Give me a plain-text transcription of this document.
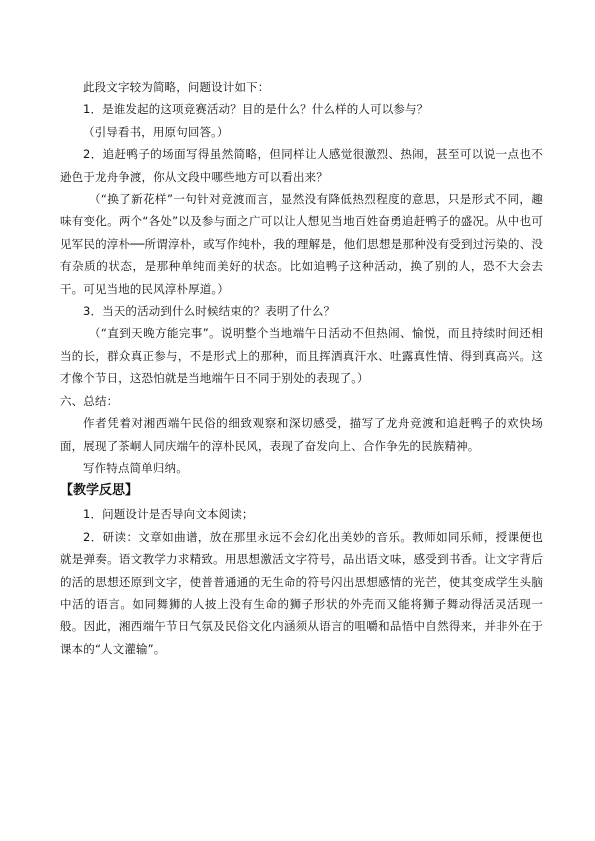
此段文字较为简略，问题设计如下：

1．是谁发起的这项竞赛活动？目的是什么？什么样的人可以参与？

（引导看书，用原句回答。）

2．追赶鸭子的场面写得虽然简略，但同样让人感觉很激烈、热闹，甚至可以说一点也不逊色于龙舟争渡，你从文段中哪些地方可以看出来？

（“换了新花样”一句针对竞渡而言，显然没有降低热烈程度的意思，只是形式不同，趣味有变化。两个“各处”以及参与面之广可以让人想见当地百姓奋勇追赶鸭子的盛况。从中也可见军民的淳朴──所谓淳朴，或写作纯朴，我的理解是，他们思想是那种没有受到过污染的、没有杂质的状态，是那种单纯而美好的状态。比如追鸭子这种活动，换了别的人，恐不大会去干。可见当地的民风淳朴厚道。）

3．当天的活动到什么时候结束的？表明了什么？

（“直到天晚方能完事”。说明整个当地端午日活动不但热闹、愉悦，而且持续时间还相当的长，群众真正参与，不是形式上的那种，而且挥洒真汗水、吐露真性情、得到真高兴。这才像个节日，这恐怕就是当地端午日不同于别处的表现了。）

六、总结：

作者凭着对湘西端午民俗的细致观察和深切感受，描写了龙舟竞渡和追赶鸭子的欢快场面，展现了茶峒人同庆端午的淳朴民风，表现了奋发向上、合作争先的民族精神。

写作特点简单归纳。

【教学反思】

1．问题设计是否导向文本阅读；

2．研读：文章如曲谱，放在那里永远不会幻化出美妙的音乐。教师如同乐师，授课便也就是弹奏。语文教学力求精致。用思想激活文字符号，品出语文味，感受到书香。让文字背后的活的思想还原到文字，使普普通通的无生命的符号闪出思想感情的光芒，使其变成学生头脑中活的语言。如同舞狮的人披上没有生命的狮子形状的外壳而又能将狮子舞动得活灵活现一般。因此，湘西端午节日气氛及民俗文化内涵须从语言的咀嚼和品悟中自然得来，并非外在于课本的“人文灌输”。
